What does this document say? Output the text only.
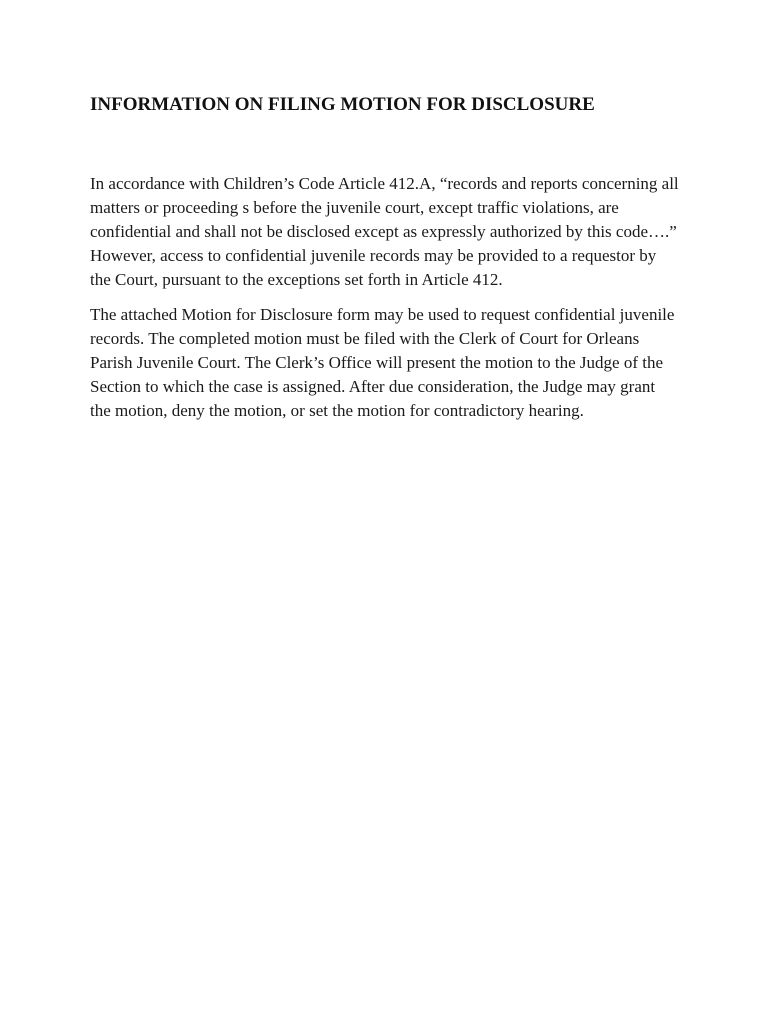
INFORMATION ON FILING MOTION FOR DISCLOSURE

In accordance with Children’s Code Article 412.A, “records and reports concerning all matters or proceeding s before the juvenile court, except traffic violations, are confidential and shall not be disclosed except as expressly authorized by this code….” However, access to confidential juvenile records may be provided to a requestor by the Court, pursuant to the exceptions set forth in Article 412.

The attached Motion for Disclosure form may be used to request confidential juvenile records. The completed motion must be filed with the Clerk of Court for Orleans Parish Juvenile Court. The Clerk’s Office will present the motion to the Judge of the Section to which the case is assigned. After due consideration, the Judge may grant the motion, deny the motion, or set the motion for contradictory hearing.
